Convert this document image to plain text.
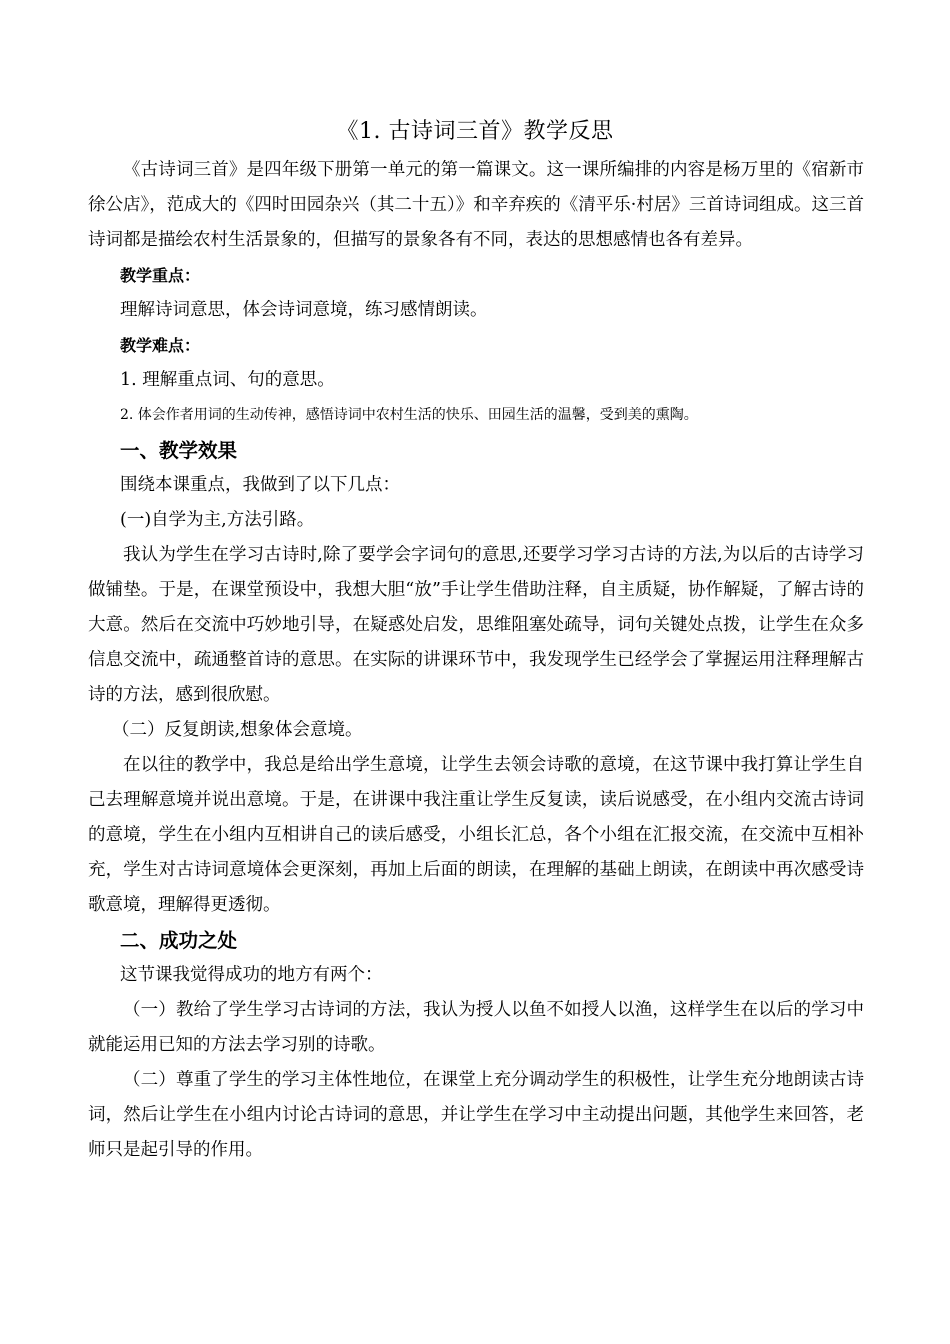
《1. 古诗词三首》教学反思

《古诗词三首》是四年级下册第一单元的第一篇课文。这一课所编排的内容是杨万里的《宿新市徐公店》，范成大的《四时田园杂兴（其二十五）》和辛弃疾的《清平乐·村居》三首诗词组成。这三首诗词都是描绘农村生活景象的，但描写的景象各有不同，表达的思想感情也各有差异。

教学重点：

理解诗词意思，体会诗词意境，练习感情朗读。

教学难点：

1. 理解重点词、句的意思。

2. 体会作者用词的生动传神，感悟诗词中农村生活的快乐、田园生活的温馨，受到美的熏陶。

一、教学效果

围绕本课重点，我做到了以下几点：

(一)自学为主,方法引路。

我认为学生在学习古诗时,除了要学会字词句的意思,还要学习学习古诗的方法,为以后的古诗学习做铺垫。于是，在课堂预设中，我想大胆“放”手让学生借助注释，自主质疑，协作解疑，了解古诗的大意。然后在交流中巧妙地引导，在疑惑处启发，思维阻塞处疏导，词句关键处点拨，让学生在众多信息交流中，疏通整首诗的意思。在实际的讲课环节中，我发现学生已经学会了掌握运用注释理解古诗的方法，感到很欣慰。

（二）反复朗读,想象体会意境。

在以往的教学中，我总是给出学生意境，让学生去领会诗歌的意境，在这节课中我打算让学生自己去理解意境并说出意境。于是，在讲课中我注重让学生反复读，读后说感受，在小组内交流古诗词的意境，学生在小组内互相讲自己的读后感受，小组长汇总，各个小组在汇报交流，在交流中互相补充，学生对古诗词意境体会更深刻，再加上后面的朗读，在理解的基础上朗读，在朗读中再次感受诗歌意境，理解得更透彻。

二、成功之处

这节课我觉得成功的地方有两个：

（一）教给了学生学习古诗词的方法，我认为授人以鱼不如授人以渔，这样学生在以后的学习中就能运用已知的方法去学习别的诗歌。

（二）尊重了学生的学习主体性地位，在课堂上充分调动学生的积极性，让学生充分地朗读古诗词，然后让学生在小组内讨论古诗词的意思，并让学生在学习中主动提出问题，其他学生来回答，老师只是起引导的作用。
